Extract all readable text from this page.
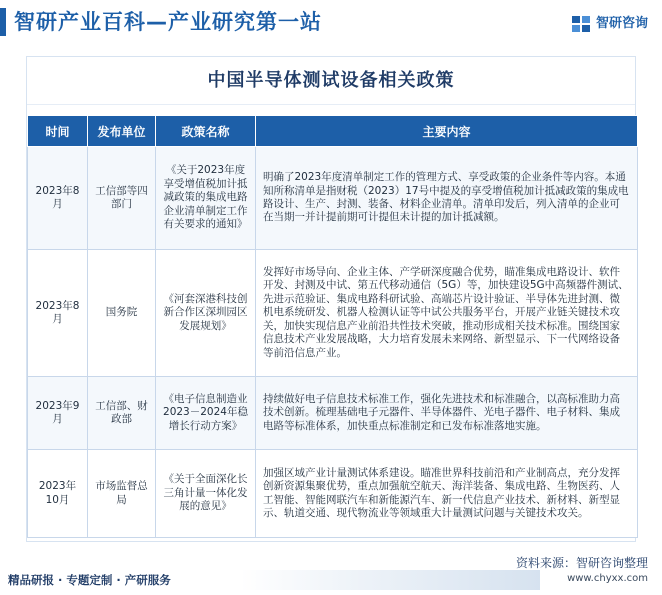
智研产业百科—产业研究第一站	智研咨询
中国半导体测试设备相关政策
时间	发布单位	政策名称	主要内容
2023年8月	工信部等四部门	《关于2023年度享受增值税加计抵减政策的集成电路企业清单制定工作有关要求的通知》	明确了2023年度清单制定工作的管理方式、享受政策的企业条件等内容。本通知所称清单是指财税（2023）17号中提及的享受增值税加计抵减政策的集成电路设计、生产、封测、装备、材料企业清单。清单印发后，列入清单的企业可在当期一并计提前期可计提但未计提的加计抵减额。
2023年8月	国务院	《河套深港科技创新合作区深圳园区发展规划》	发挥好市场导向、企业主体、产学研深度融合优势，瞄准集成电路设计、软件开发、封测及中试、第五代移动通信（5G）等，加快建设5G中高频器件测试、先进示范验证、集成电路科研试验、高端芯片设计验证、半导体先进封测、微机电系统研发、机器人检测认证等中试公共服务平台，开展产业链关键技术攻关，加快实现信息产业前沿共性技术突破，推动形成相关技术标准。围绕国家信息技术产业发展战略，大力培育发展未来网络、新型显示、下一代网络设备等前沿信息产业。
2023年9月	工信部、财政部	《电子信息制造业2023－2024年稳增长行动方案》	持续做好电子信息技术标准工作，强化先进技术和标准融合，以高标准助力高技术创新。梳理基础电子元器件、半导体器件、光电子器件、电子材料、集成电路等标准体系，加快重点标准制定和已发布标准落地实施。
2023年10月	市场监督总局	《关于全面深化长三角计量一体化发展的意见》	加强区域产业计量测试体系建设。瞄准世界科技前沿和产业制高点，充分发挥创新资源集聚优势，重点加强航空航天、海洋装备、集成电路、生物医药、人工智能、智能网联汽车和新能源汽车、新一代信息产业技术、新材料、新型显示、轨道交通、现代物流业等领域重大计量测试问题与关键技术攻关。
精品研报 · 专题定制 · 产研服务
资料来源：智研咨询整理
www.chyxx.com
